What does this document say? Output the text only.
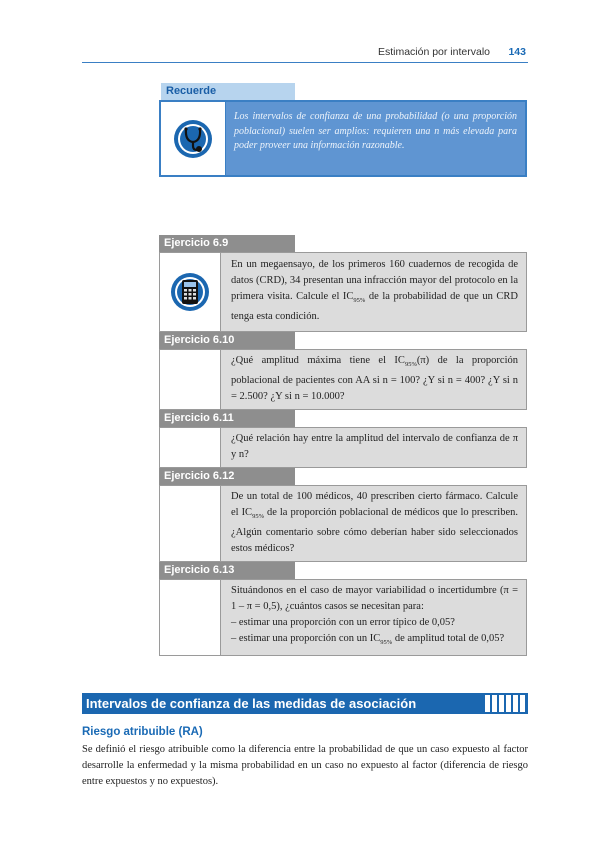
Estimación por intervalo 143
Recuerde
Los intervalos de confianza de una probabilidad (o una proporción poblacional) suelen ser amplios: requieren una n más elevada para poder proveer una información razonable.
Ejercicio 6.9
En un megaensayo, de los primeros 160 cuadernos de recogida de datos (CRD), 34 presentan una infracción mayor del protocolo en la primera visita. Calcule el $IC_{95\%}$ de la probabilidad de que un CRD tenga esta condición.
Ejercicio 6.10
¿Qué amplitud máxima tiene el $IC_{95\%}(\pi)$ de la proporción poblacional de pacientes con AA si n = 100? ¿Y si n = 400? ¿Y si n = 2.500? ¿Y si n = 10.000?
Ejercicio 6.11
¿Qué relación hay entre la amplitud del intervalo de confianza de π y n?
Ejercicio 6.12
De un total de 100 médicos, 40 prescriben cierto fármaco. Calcule el $IC_{95\%}$ de la proporción poblacional de médicos que lo prescriben. ¿Algún comentario sobre cómo deberían haber sido seleccionados estos médicos?
Ejercicio 6.13
Situándonos en el caso de mayor variabilidad o incertidumbre (π = 1 – π = 0,5), ¿cuántos casos se necesitan para:
– estimar una proporción con un error típico de 0,05?
– estimar una proporción con un $IC_{95\%}$ de amplitud total de 0,05?
Intervalos de confianza de las medidas de asociación
Riesgo atribuible (RA)
Se definió el riesgo atribuible como la diferencia entre la probabilidad de que un caso expuesto al factor desarrolle la enfermedad y la misma probabilidad en un caso no expuesto al factor (diferencia de riesgo entre expuestos y no expuestos).
